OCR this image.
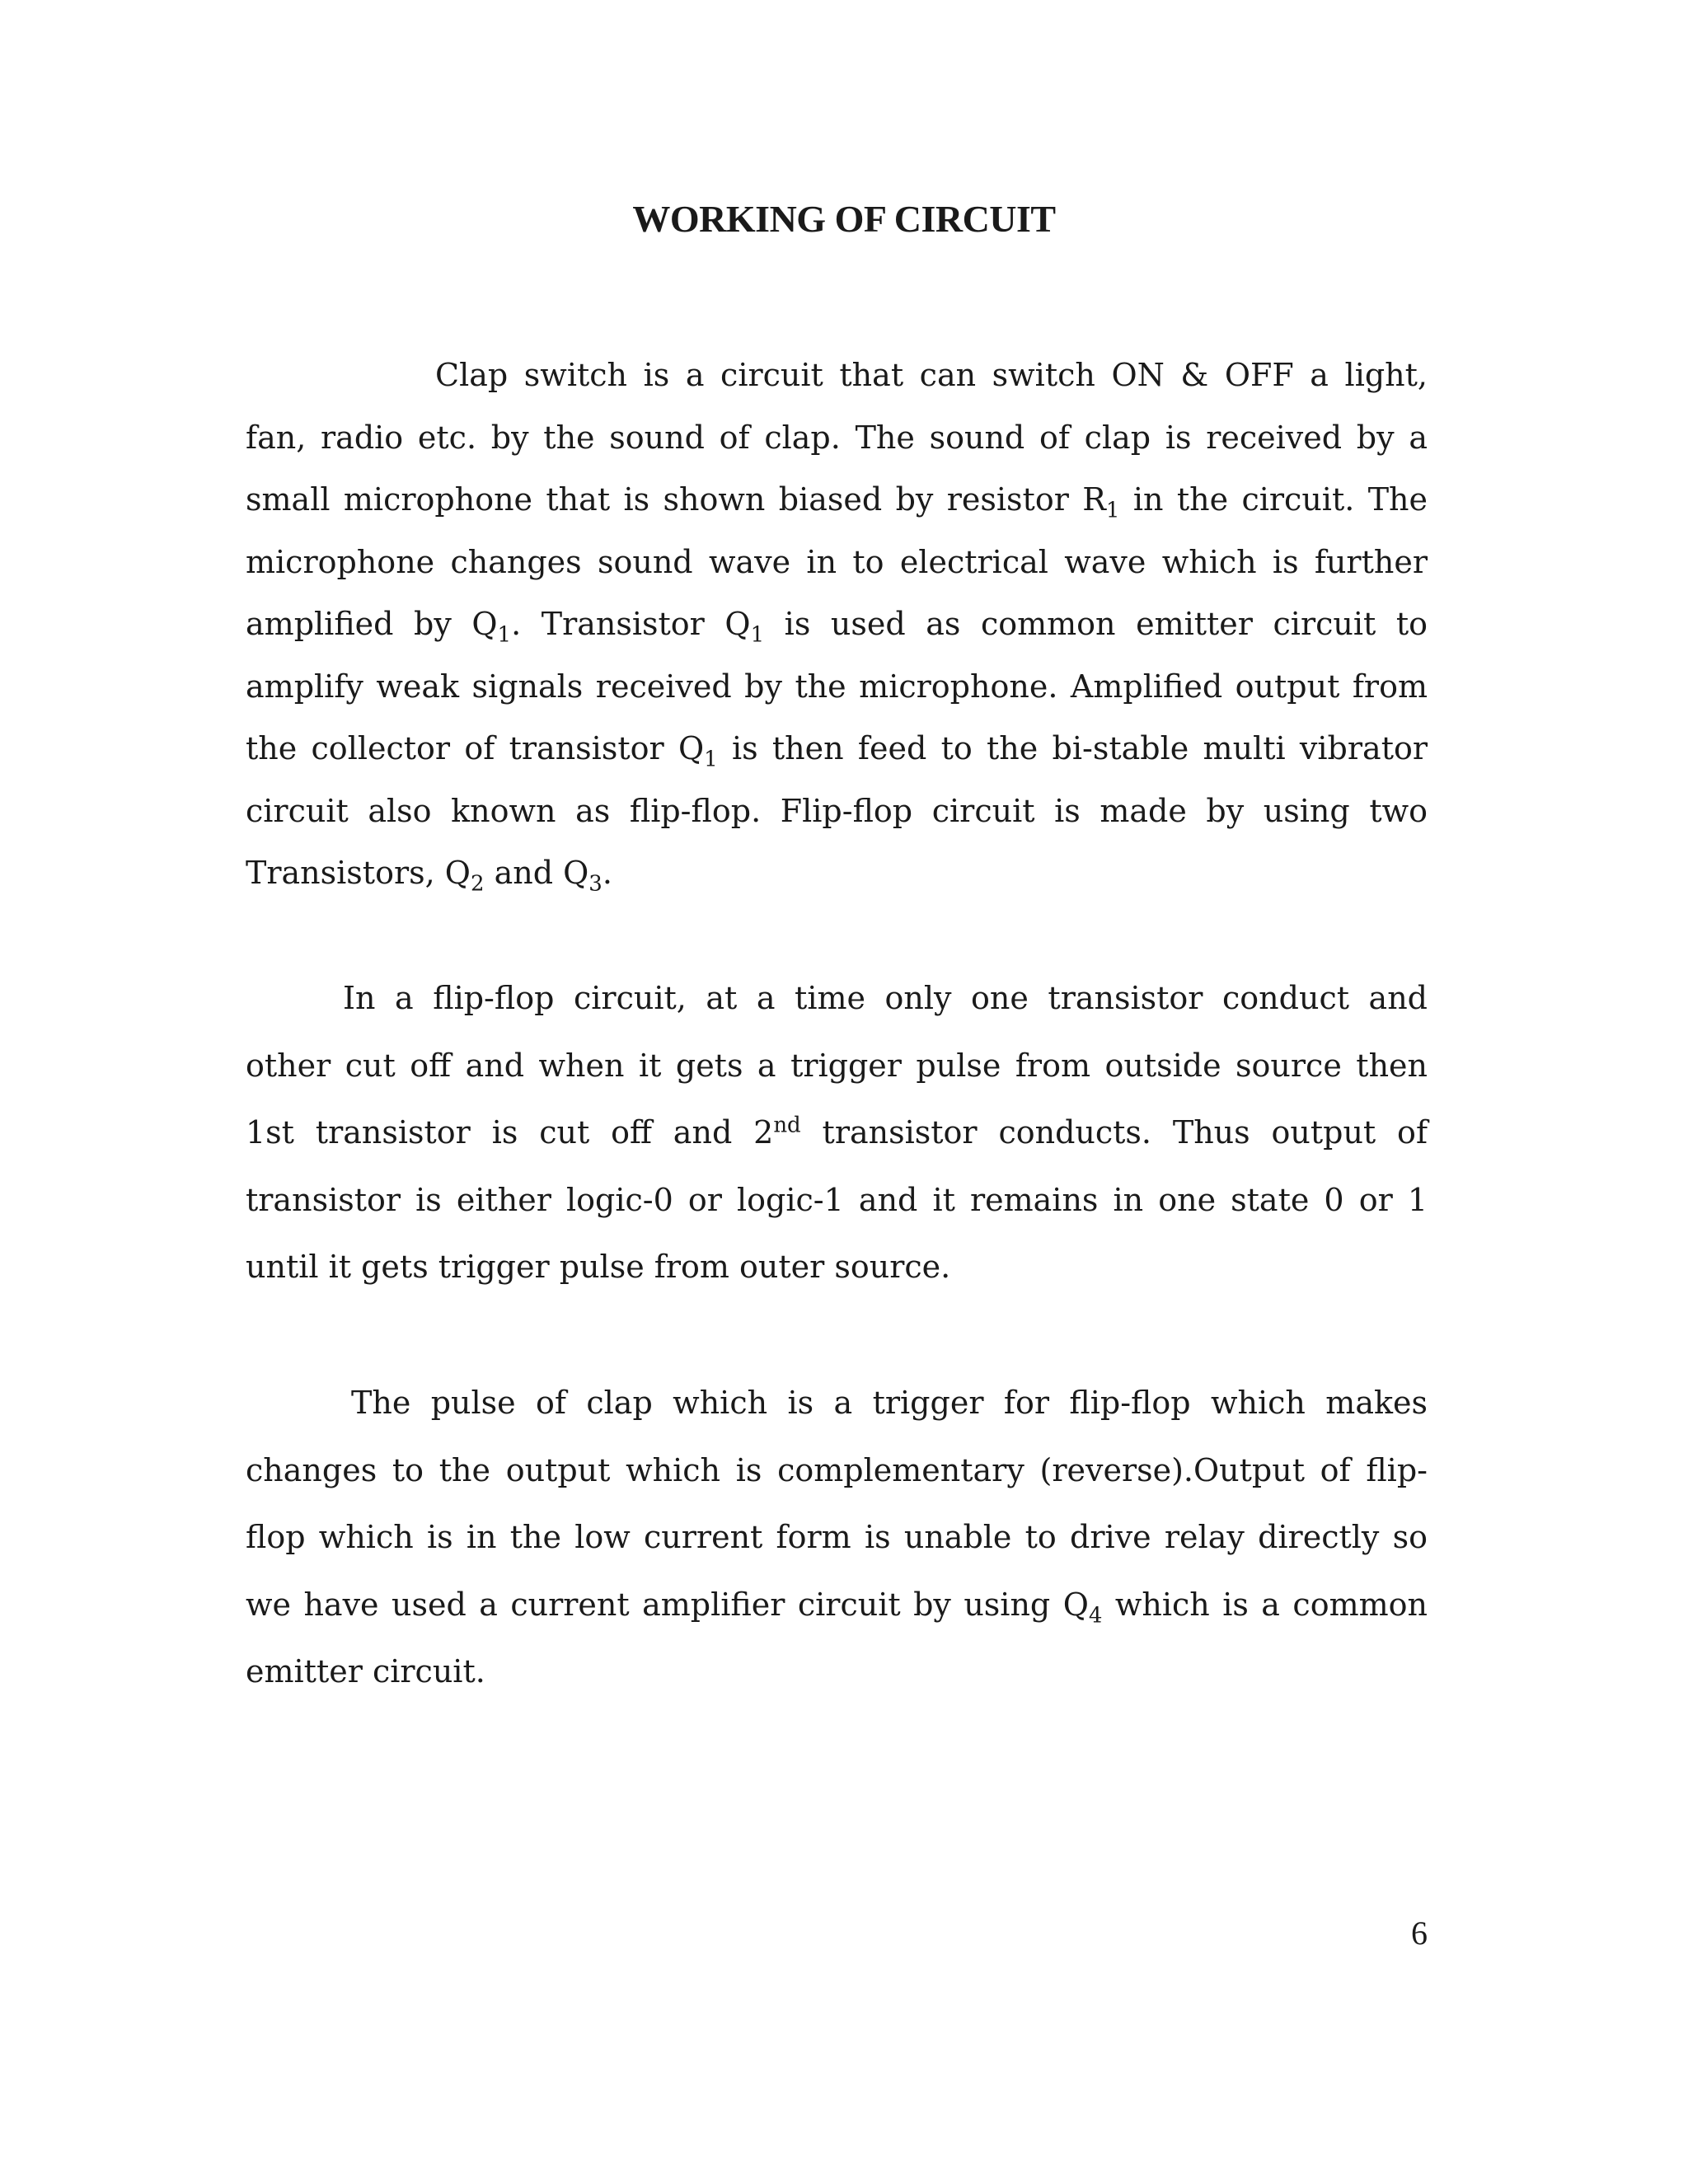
WORKING OF CIRCUIT

Clap switch is a circuit that can switch ON & OFF a light,
fan, radio etc. by the sound of clap. The sound of clap is received by a
small microphone that is shown biased by resistor $R_1$ in the circuit. The
microphone changes sound wave in to electrical wave which is further
amplified by $Q_1$. Transistor $Q_1$ is used as common emitter circuit to
amplify weak signals received by the microphone. Amplified output from
the collector of transistor $Q_1$ is then feed to the bi-stable multi vibrator
circuit also known as flip-flop. Flip-flop circuit is made by using two
Transistors, $Q_2$ and $Q_3$.

In a flip-flop circuit, at a time only one transistor conduct and
other cut off and when it gets a trigger pulse from outside source then
1st transistor is cut off and 2nd transistor conducts. Thus output of
transistor is either logic-0 or logic-1 and it remains in one state 0 or 1
until it gets trigger pulse from outer source.

The pulse of clap which is a trigger for flip-flop which makes
changes to the output which is complementary (reverse).Output of flip-
flop which is in the low current form is unable to drive relay directly so
we have used a current amplifier circuit by using $Q_4$ which is a common
emitter circuit.

6
